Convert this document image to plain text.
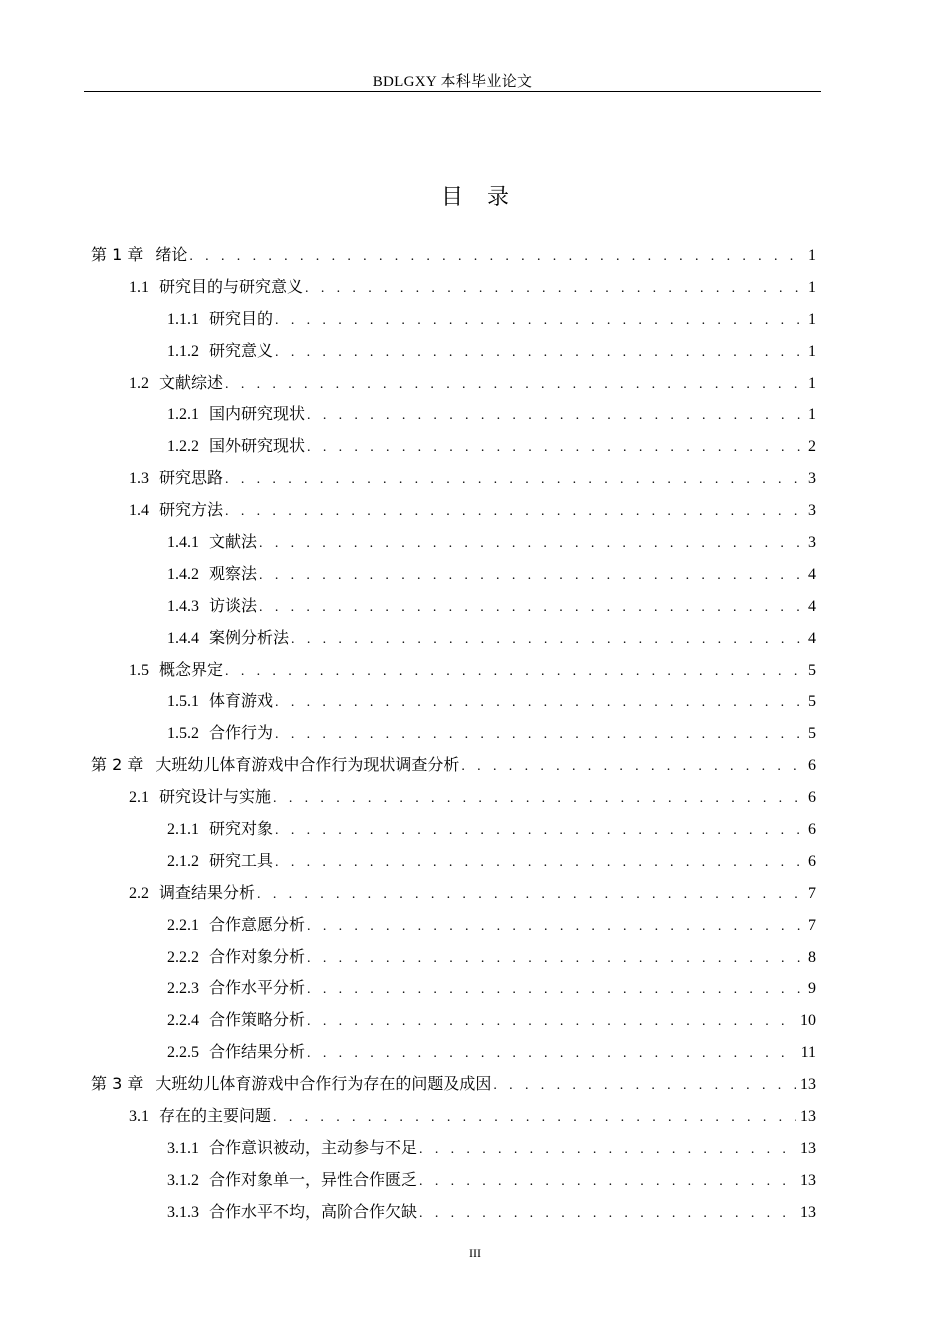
BDLGXY 本科毕业论文
目录
第 1 章 绪论 . . .	1
1.1 研究目的与研究意义 . . .	1
1.1.1 研究目的 . . .	1
1.1.2 研究意义 . . .	1
1.2 文献综述 . . .	1
1.2.1 国内研究现状 . . .	1
1.2.2 国外研究现状 . . .	2
1.3 研究思路 . . .	3
1.4 研究方法 . . .	3
1.4.1 文献法 . . .	3
1.4.2 观察法 . . .	4
1.4.3 访谈法 . . .	4
1.4.4 案例分析法 . . .	4
1.5 概念界定 . . .	5
1.5.1 体育游戏 . . .	5
1.5.2 合作行为 . . .	5
第 2 章 大班幼儿体育游戏中合作行为现状调查分析 . . .	6
2.1 研究设计与实施 . . .	6
2.1.1 研究对象 . . .	6
2.1.2 研究工具 . . .	6
2.2 调查结果分析 . . .	7
2.2.1 合作意愿分析 . . .	7
2.2.2 合作对象分析 . . .	8
2.2.3 合作水平分析 . . .	9
2.2.4 合作策略分析 . . .	10
2.2.5 合作结果分析 . . .	11
第 3 章 大班幼儿体育游戏中合作行为存在的问题及成因 . . .	13
3.1 存在的主要问题 . . .	13
3.1.1 合作意识被动，主动参与不足 . . .	13
3.1.2 合作对象单一，异性合作匮乏 . . .	13
3.1.3 合作水平不均，高阶合作欠缺 . . .	13
III
